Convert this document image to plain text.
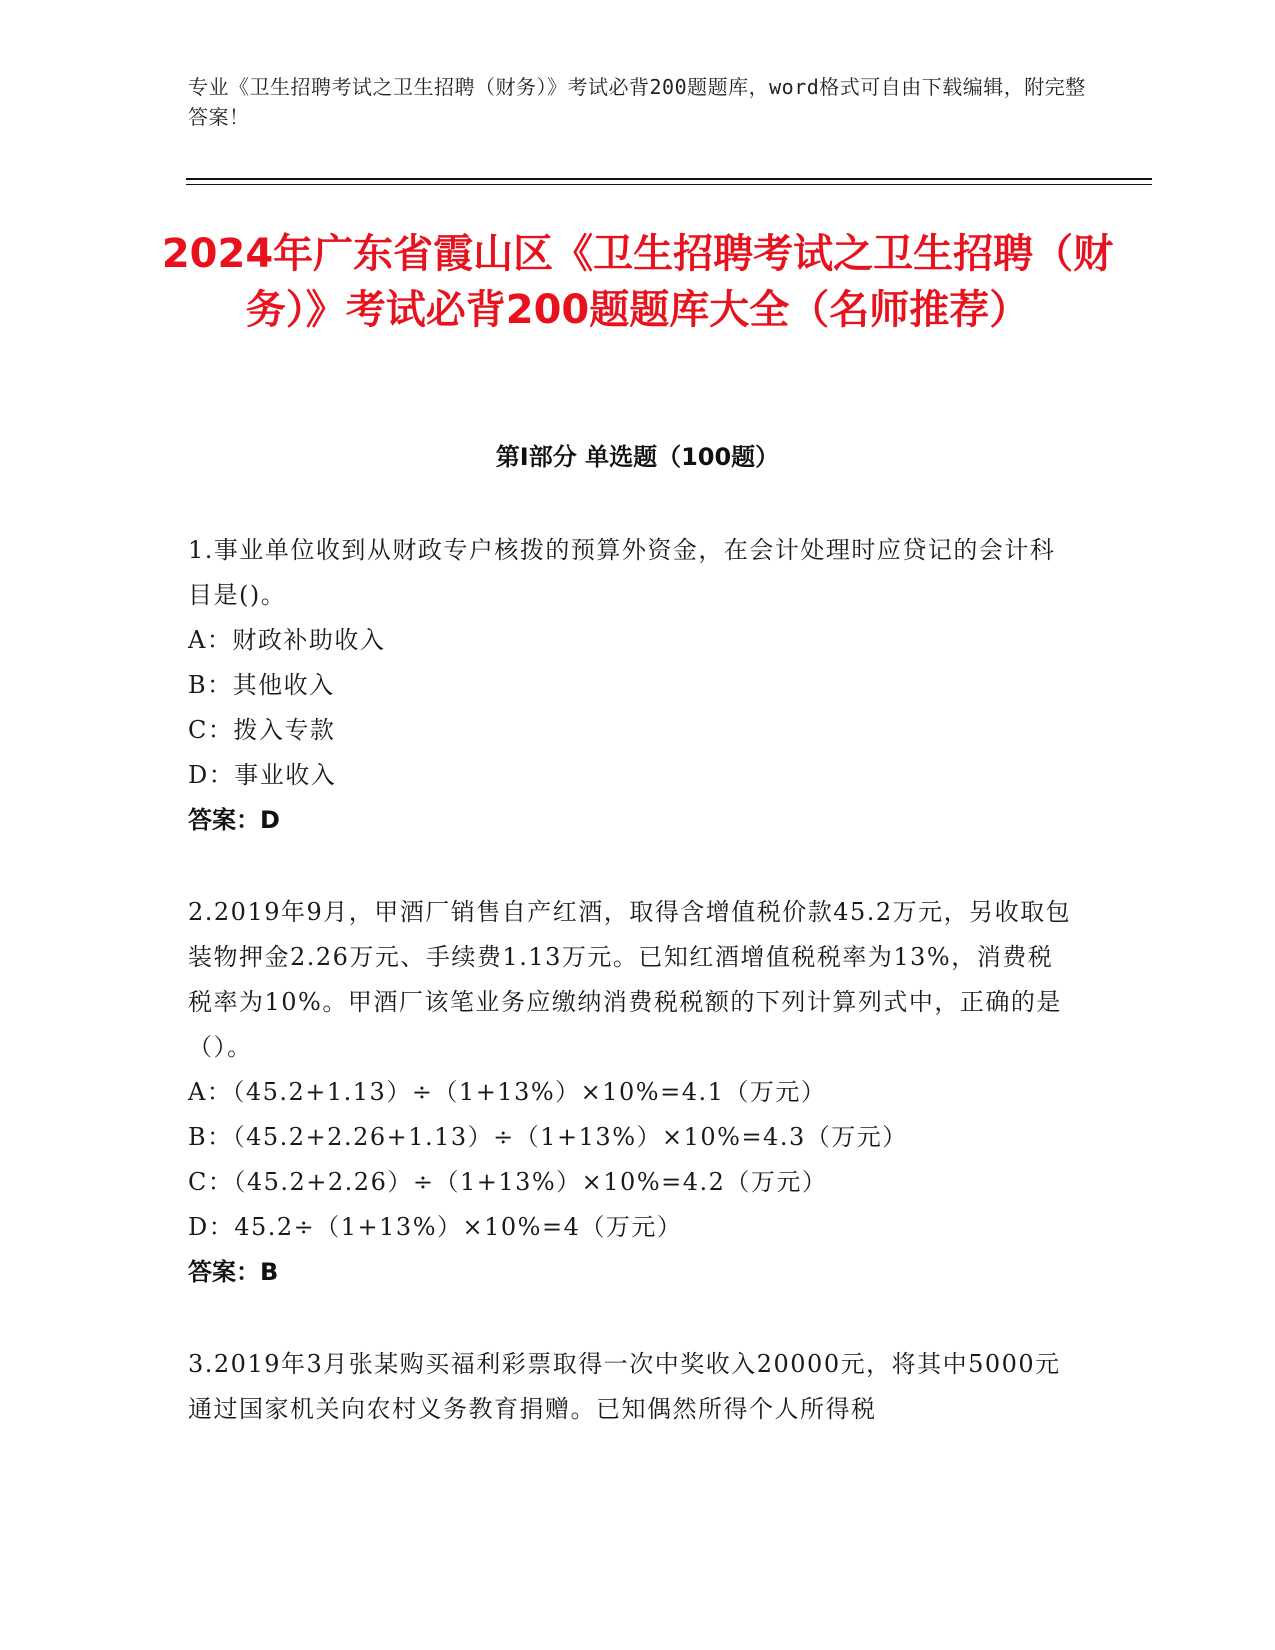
专业《卫生招聘考试之卫生招聘（财务）》考试必背200题题库，word格式可自由下载编辑，附完整答案！
2024年广东省霞山区《卫生招聘考试之卫生招聘（财务）》考试必背200题题库大全（名师推荐）
第I部分 单选题（100题）
1.事业单位收到从财政专户核拨的预算外资金，在会计处理时应贷记的会计科目是()。
A：财政补助收入
B：其他收入
C：拨入专款
D：事业收入
答案：D
2.2019年9月，甲酒厂销售自产红酒，取得含增值税价款45.2万元，另收取包装物押金2.26万元、手续费1.13万元。已知红酒增值税税率为13%，消费税税率为10%。甲酒厂该笔业务应缴纳消费税税额的下列计算列式中，正确的是（）。
A：（45.2+1.13）÷（1+13%）×10%=4.1（万元）
B：（45.2+2.26+1.13）÷（1+13%）×10%=4.3（万元）
C：（45.2+2.26）÷（1+13%）×10%=4.2（万元）
D：45.2÷（1+13%）×10%=4（万元）
答案：B
3.2019年3月张某购买福利彩票取得一次中奖收入20000元，将其中5000元通过国家机关向农村义务教育捐赠。已知偶然所得个人所得税
